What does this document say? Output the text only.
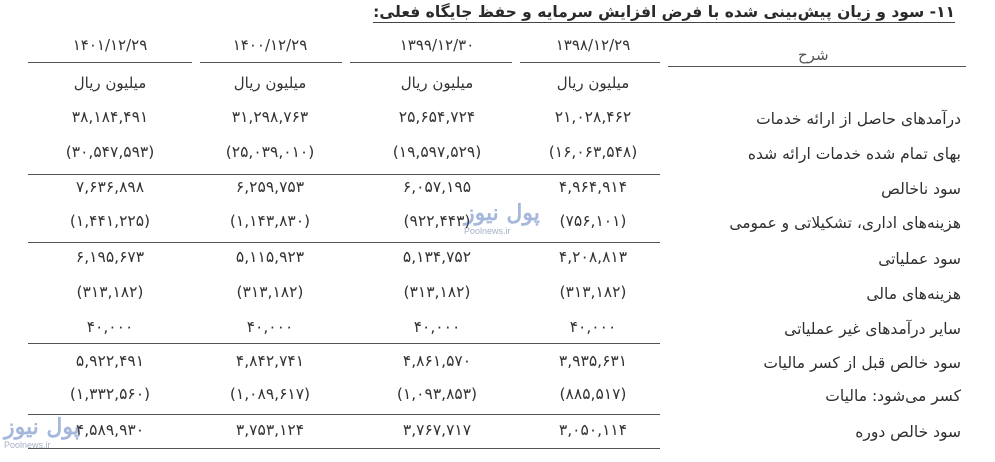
۱۱- سود و زیان پیش‌بینی شده با فرض افزایش سرمایه و حفظ جایگاه فعلی:
شرح
۱۴۰۱/۱۲/۲۹	۱۴۰۰/۱۲/۲۹	۱۳۹۹/۱۲/۳۰	۱۳۹۸/۱۲/۲۹
میلیون ریال	میلیون ریال	میلیون ریال	میلیون ریال
درآمدهای حاصل از ارائه خدمات
۳۸,۱۸۴,۴۹۱	۳۱,۲۹۸,۷۶۳	۲۵,۶۵۴,۷۲۴	۲۱,۰۲۸,۴۶۲
بهای تمام شده خدمات ارائه شده
(۳۰,۵۴۷,۵۹۳)	(۲۵,۰۳۹,۰۱۰)	(۱۹,۵۹۷,۵۲۹)	(۱۶,۰۶۳,۵۴۸)
سود ناخالص
۷,۶۳۶,۸۹۸	۶,۲۵۹,۷۵۳	۶,۰۵۷,۱۹۵	۴,۹۶۴,۹۱۴
هزینه‌های اداری، تشکیلاتی و عمومی
(۱,۴۴۱,۲۲۵)	(۱,۱۴۳,۸۳۰)	(۹۲۲,۴۴۳)	(۷۵۶,۱۰۱)
سود عملیاتی
۶,۱۹۵,۶۷۳	۵,۱۱۵,۹۲۳	۵,۱۳۴,۷۵۲	۴,۲۰۸,۸۱۳
هزینه‌های مالی
(۳۱۳,۱۸۲)	(۳۱۳,۱۸۲)	(۳۱۳,۱۸۲)	(۳۱۳,۱۸۲)
سایر درآمدهای غیر عملیاتی
۴۰,۰۰۰	۴۰,۰۰۰	۴۰,۰۰۰	۴۰,۰۰۰
سود خالص قبل از کسر مالیات
۵,۹۲۲,۴۹۱	۴,۸۴۲,۷۴۱	۴,۸۶۱,۵۷۰	۳,۹۳۵,۶۳۱
کسر می‌شود: مالیات
(۱,۳۳۲,۵۶۰)	(۱,۰۸۹,۶۱۷)	(۱,۰۹۳,۸۵۳)	(۸۸۵,۵۱۷)
سود خالص دوره
۴,۵۸۹,۹۳۰	۳,۷۵۳,۱۲۴	۳,۷۶۷,۷۱۷	۳,۰۵۰,۱۱۴
پول نیوز
Poolnews.ir
پول نیوز
Poolnews.ir
